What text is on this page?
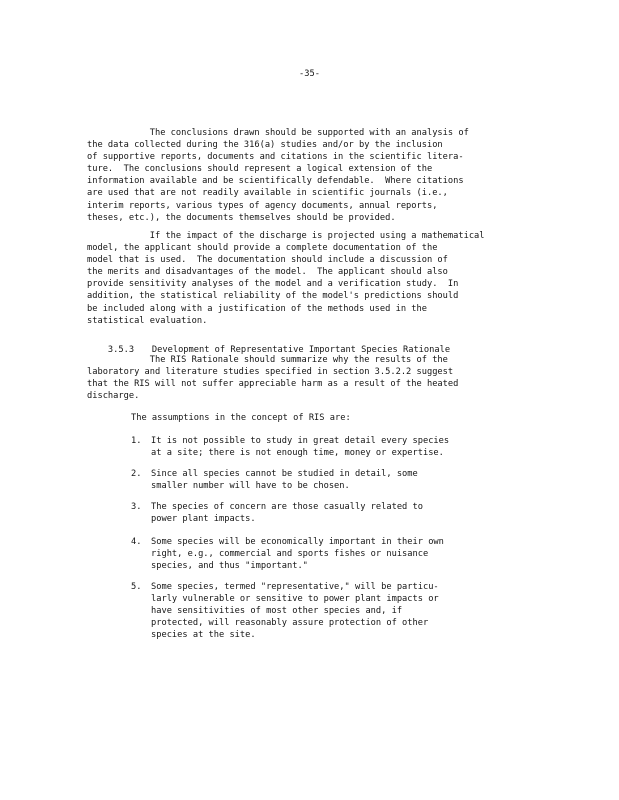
-35-

The conclusions drawn should be supported with an analysis of
the data collected during the 316(a) studies and/or by the inclusion
of supportive reports, documents and citations in the scientific litera-
ture.  The conclusions should represent a logical extension of the
information available and be scientifically defendable.  Where citations
are used that are not readily available in scientific journals (i.e.,
interim reports, various types of agency documents, annual reports,
theses, etc.), the documents themselves should be provided.

If the impact of the discharge is projected using a mathematical
model, the applicant should provide a complete documentation of the
model that is used.  The documentation should include a discussion of
the merits and disadvantages of the model.  The applicant should also
provide sensitivity analyses of the model and a verification study.  In
addition, the statistical reliability of the model's predictions should
be included along with a justification of the methods used in the
statistical evaluation.

3.5.3 Development of Representative Important Species Rationale

The RIS Rationale should summarize why the results of the
laboratory and literature studies specified in section 3.5.2.2 suggest
that the RIS will not suffer appreciable harm as a result of the heated
discharge.

The assumptions in the concept of RIS are:
1. It is not possible to study in great detail every species
at a site; there is not enough time, money or expertise.

2. Since all species cannot be studied in detail, some
smaller number will have to be chosen.

3. The species of concern are those casually related to
power plant impacts.

4. Some species will be economically important in their own
right, e.g., commercial and sports fishes or nuisance
species, and thus "important."

5. Some species, termed "representative," will be particu-
larly vulnerable or sensitive to power plant impacts or
have sensitivities of most other species and, if
protected, will reasonably assure protection of other
species at the site.
